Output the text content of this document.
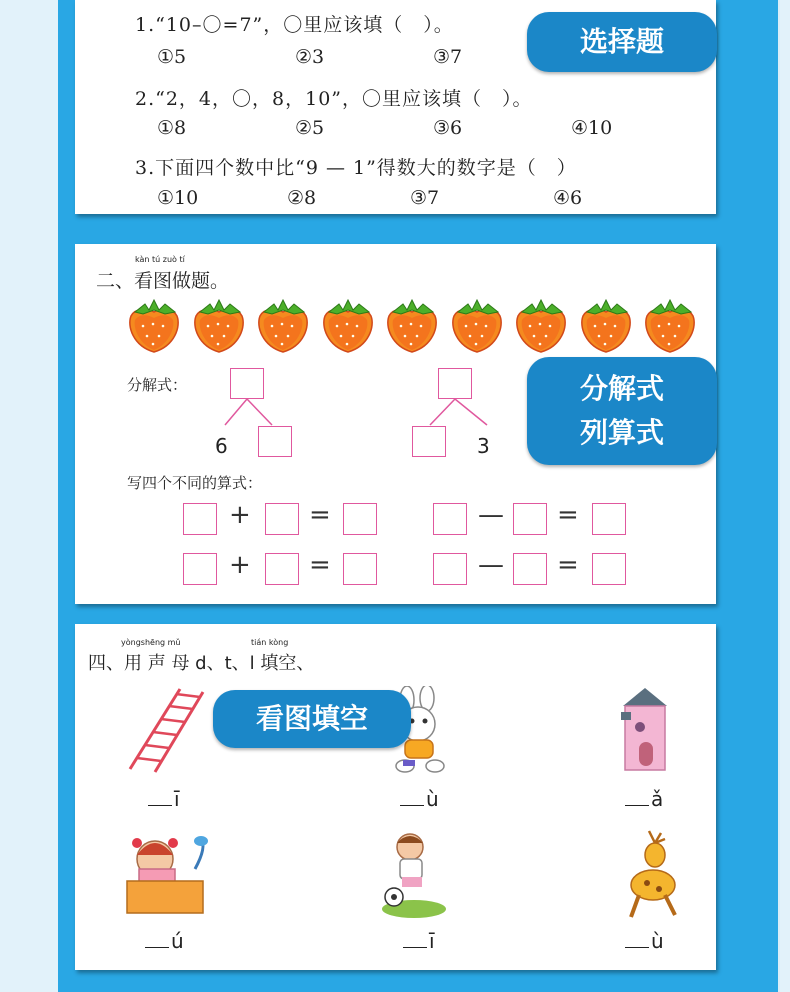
1.“10–〇=7”，〇里应该填（　）。
①5	②3	③7
2.“2，4，〇，8，10”，〇里应该填（　）。
①8	②5	③6	④10
3.下面四个数中比“9 — 1”得数大的数字是（　）
①10	②8	③7	④6
选择题
kàn tú zuò tí
二、看图做题。
分解式：
6	3
写四个不同的算式：
+ =	— =
+ =	— =
分解式
列算式
yòngshēng mǔ	tián kòng
四、用 声 母 d、t、l 填空、
ī	ù	ǎ
ú	ī	ù
看图填空
